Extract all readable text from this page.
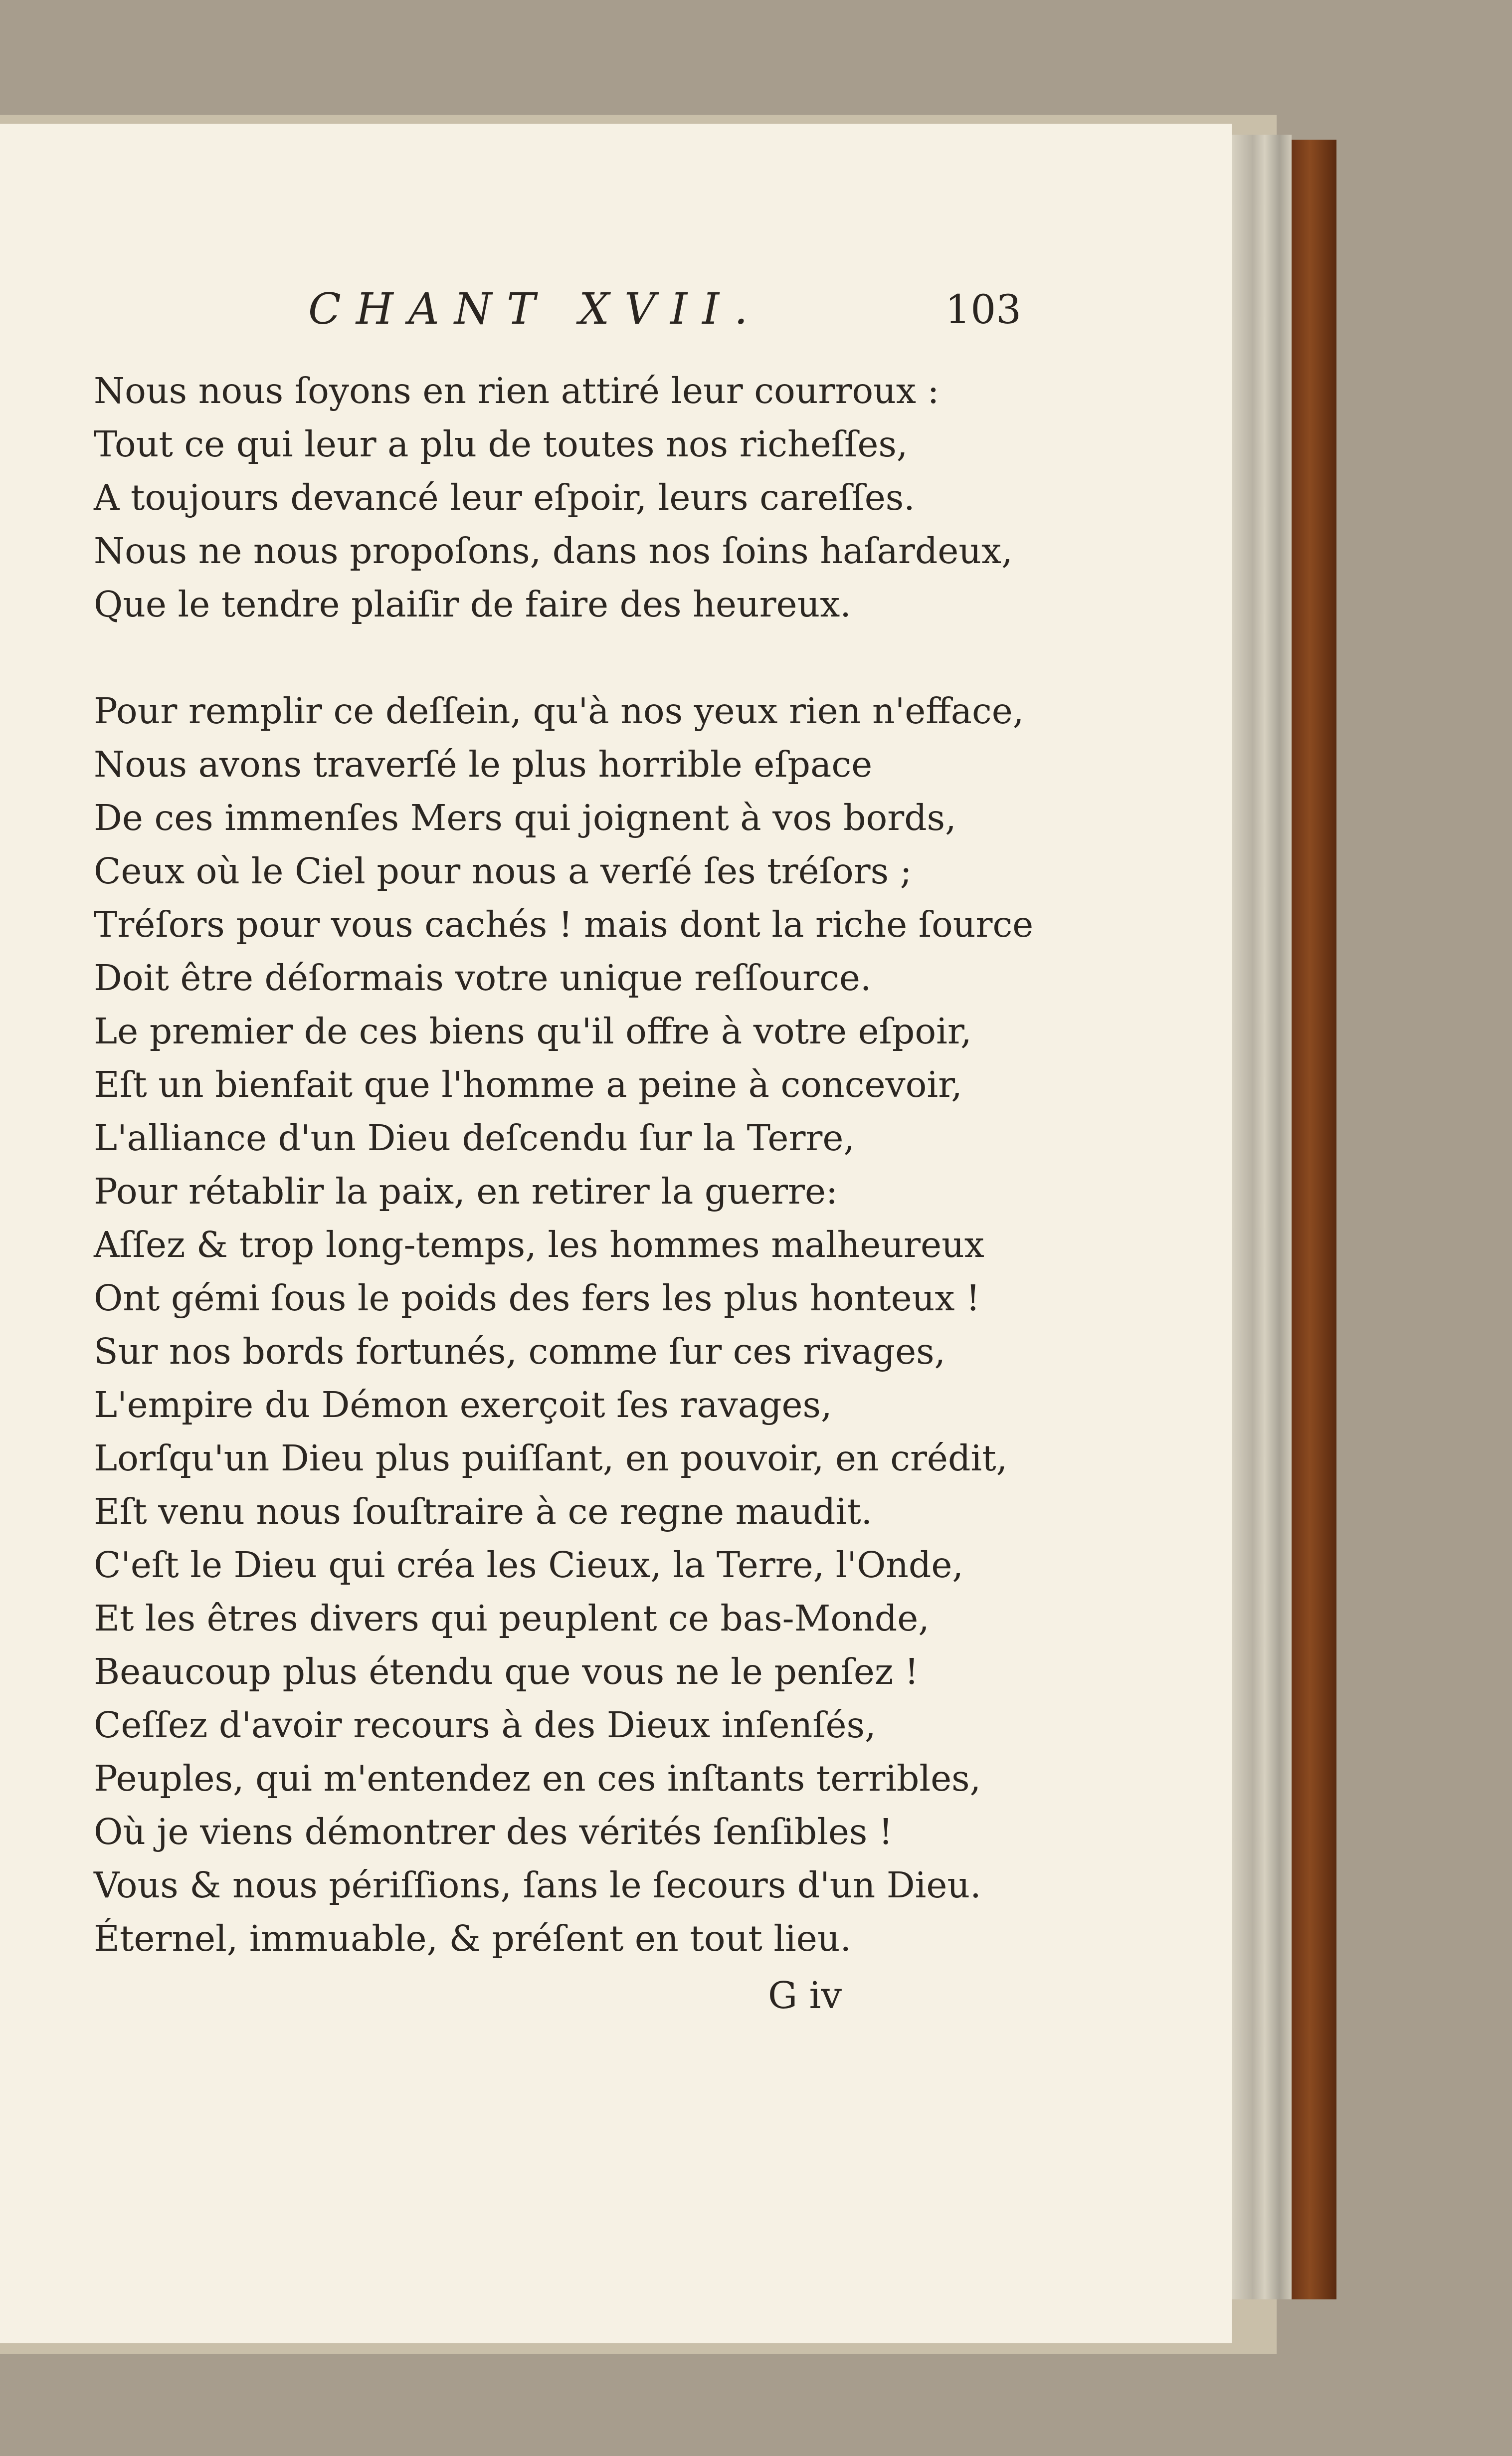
CHANT XVII.	103
Nous nous ſoyons en rien attiré leur courroux :
Tout ce qui leur a plu de toutes nos richeſſes,
A toujours devancé leur eſpoir, leurs careſſes.
Nous ne nous propoſons, dans nos ſoins haſardeux,
Que le tendre plaiſir de faire des heureux.
Pour remplir ce deſſein, qu'à nos yeux rien n'efface,
Nous avons traverſé le plus horrible eſpace
De ces immenſes Mers qui joignent à vos bords,
Ceux où le Ciel pour nous a verſé ſes tréſors ;
Tréſors pour vous cachés ! mais dont la riche ſource
Doit être déſormais votre unique reſſource.
Le premier de ces biens qu'il offre à votre eſpoir,
Eſt un bienfait que l'homme a peine à concevoir,
L'alliance d'un Dieu deſcendu ſur la Terre,
Pour rétablir la paix, en retirer la guerre:
Aſſez & trop long-temps, les hommes malheureux
Ont gémi ſous le poids des fers les plus honteux !
Sur nos bords fortunés, comme ſur ces rivages,
L'empire du Démon exerçoit ſes ravages,
Lorſqu'un Dieu plus puiſſant, en pouvoir, en crédit,
Eſt venu nous ſouſtraire à ce regne maudit.
C'eſt le Dieu qui créa les Cieux, la Terre, l'Onde,
Et les êtres divers qui peuplent ce bas-Monde,
Beaucoup plus étendu que vous ne le penſez !
Ceſſez d'avoir recours à des Dieux inſenſés,
Peuples, qui m'entendez en ces inſtants terribles,
Où je viens démontrer des vérités ſenſibles !
Vous & nous périſſions, ſans le ſecours d'un Dieu.
Éternel, immuable, & préſent en tout lieu.
G iv
